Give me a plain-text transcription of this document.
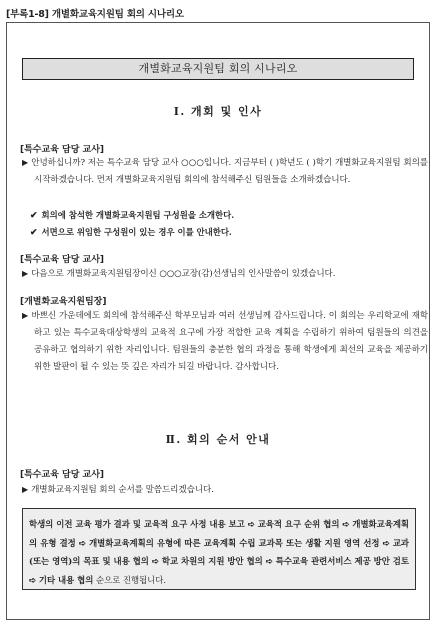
[부록1-8] 개별화교육지원팀 회의 시나리오
개별화교육지원팀 회의 시나리오
Ⅰ. 개회 및 인사
[특수교육 담당 교사]
▶ 안녕하십니까? 저는 특수교육 담당 교사 ○○○입니다. 지금부터 ( )학년도 ( )학기 개별화교육지원팀 회의를 시작하겠습니다. 먼저 개별화교육지원팀 회의에 참석해주신 팀원들을 소개하겠습니다.
✔ 회의에 참석한 개별화교육지원팀 구성원을 소개한다.
✔ 서면으로 위임한 구성원이 있는 경우 이를 안내한다.
[특수교육 담당 교사]
▶ 다음으로 개별화교육지원팀장이신 ○○○교장(감)선생님의 인사말씀이 있겠습니다.
[개별화교육지원팀장]
▶ 바쁘신 가운데에도 회의에 참석해주신 학부모님과 여러 선생님께 감사드립니다. 이 회의는 우리학교에 재학하고 있는 특수교육대상학생의 교육적 요구에 가장 적합한 교육 계획을 수립하기 위하여 팀원들의 의견을 공유하고 협의하기 위한 자리입니다. 팀원들의 충분한 협의 과정을 통해 학생에게 최선의 교육을 제공하기 위한 발판이 될 수 있는 뜻 깊은 자리가 되길 바랍니다. 감사합니다.
Ⅱ. 회의 순서 안내
[특수교육 담당 교사]
▶ 개별화교육지원팀 회의 순서를 말씀드리겠습니다.
학생의 이전 교육 평가 결과 및 교육적 요구 사정 내용 보고 ➪ 교육적 요구 순위 협의 ➪ 개별화교육계획의 유형 결정 ➪ 개별화교육계획의 유형에 따른 교육계획 수립 교과목 또는 생활 지원 영역 선정 ➪ 교과(또는 영역)의 목표 및 내용 협의 ➪ 학교 차원의 지원 방안 협의 ➪ 특수교육 관련서비스 제공 방안 검토 ➪ 기타 내용 협의 순으로 진행됩니다.
